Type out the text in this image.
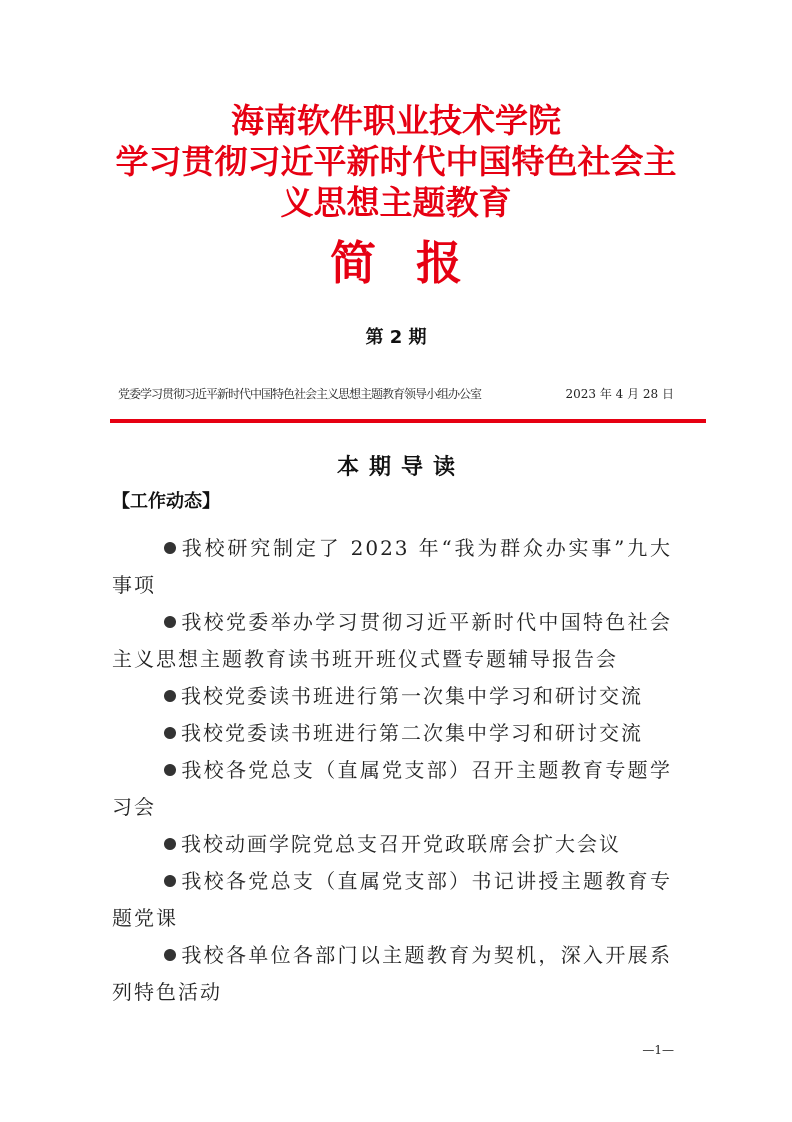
海南软件职业技术学院
学习贯彻习近平新时代中国特色社会主
义思想主题教育
简报
第 2 期
党委学习贯彻习近平新时代中国特色社会主义思想主题教育领导小组办公室	2023 年 4 月 28 日
本期导读
【工作动态】
我校研究制定了 2023 年“我为群众办实事”九大事项
我校党委举办学习贯彻习近平新时代中国特色社会主义思想主题教育读书班开班仪式暨专题辅导报告会
我校党委读书班进行第一次集中学习和研讨交流
我校党委读书班进行第二次集中学习和研讨交流
我校各党总支（直属党支部）召开主题教育专题学习会
我校动画学院党总支召开党政联席会扩大会议
我校各党总支（直属党支部）书记讲授主题教育专题党课
我校各单位各部门以主题教育为契机，深入开展系列特色活动
—1—
